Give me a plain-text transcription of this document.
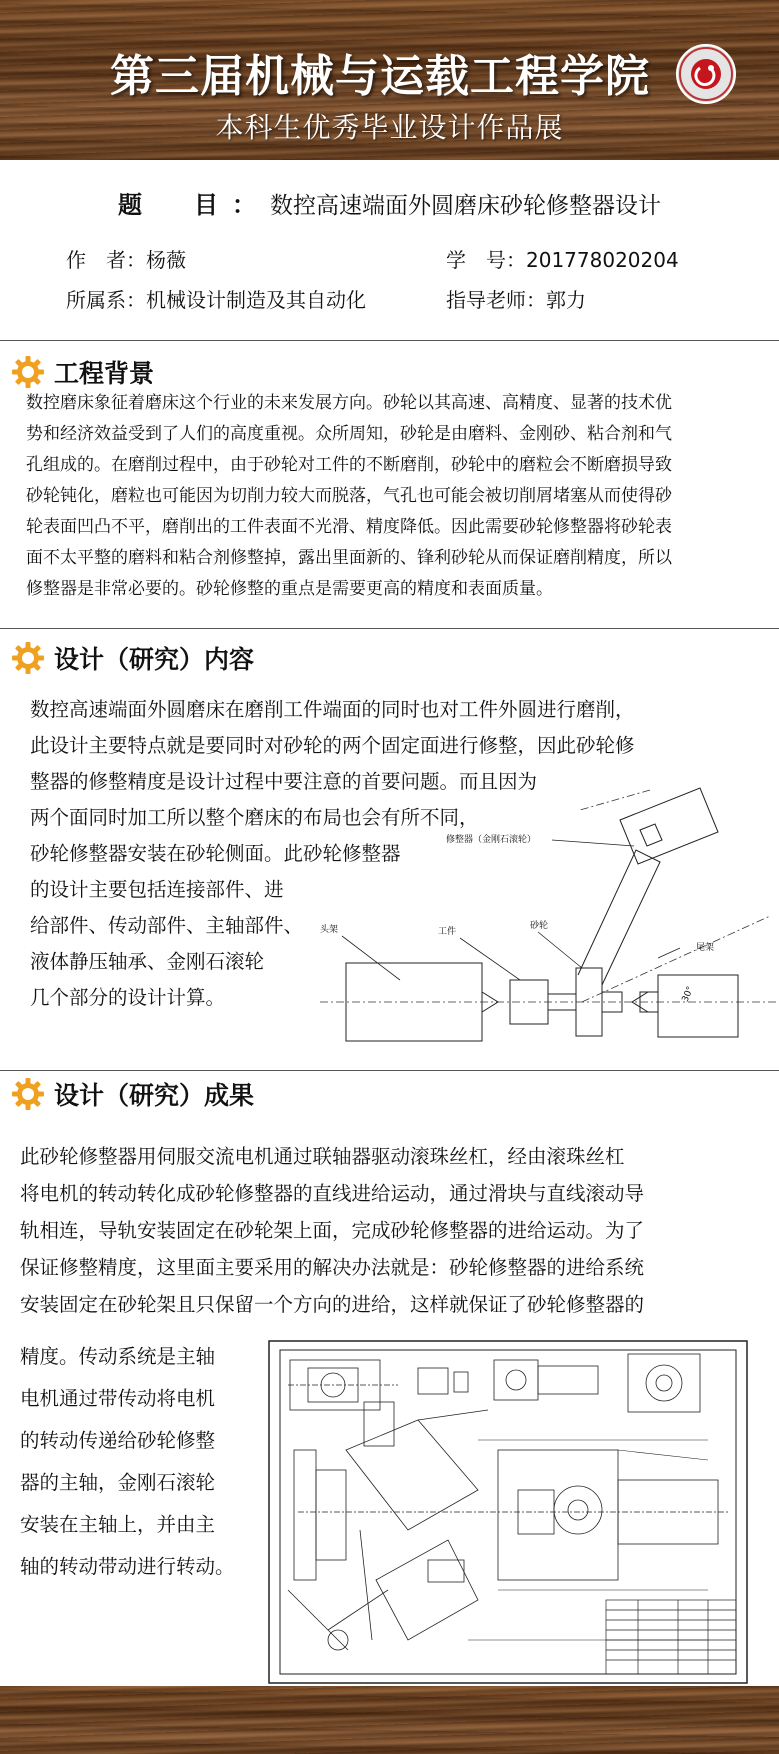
第三届机械与运载工程学院
本科生优秀毕业设计作品展
题　目：数控高速端面外圆磨床砂轮修整器设计
作　者：杨薇	学　号：201778020204
所属系：机械设计制造及其自动化	指导老师：郭力
工程背景
数控磨床象征着磨床这个行业的未来发展方向。砂轮以其高速、高精度、显著的技术优
势和经济效益受到了人们的高度重视。众所周知，砂轮是由磨料、金刚砂、粘合剂和气
孔组成的。在磨削过程中，由于砂轮对工件的不断磨削，砂轮中的磨粒会不断磨损导致
砂轮钝化，磨粒也可能因为切削力较大而脱落，气孔也可能会被切削屑堵塞从而使得砂
轮表面凹凸不平，磨削出的工件表面不光滑、精度降低。因此需要砂轮修整器将砂轮表
面不太平整的磨料和粘合剂修整掉，露出里面新的、锋利砂轮从而保证磨削精度，所以
修整器是非常必要的。砂轮修整的重点是需要更高的精度和表面质量。
设计（研究）内容
数控高速端面外圆磨床在磨削工件端面的同时也对工件外圆进行磨削，
此设计主要特点就是要同时对砂轮的两个固定面进行修整，因此砂轮修
整器的修整精度是设计过程中要注意的首要问题。而且因为
两个面同时加工所以整个磨床的布局也会有所不同，
砂轮修整器安装在砂轮侧面。此砂轮修整器
的设计主要包括连接部件、进
给部件、传动部件、主轴部件、
液体静压轴承、金刚石滚轮
几个部分的设计计算。
修整器（金刚石滚轮）
头架	工件
砂轮
尾架
30°
设计（研究）成果
此砂轮修整器用伺服交流电机通过联轴器驱动滚珠丝杠，经由滚珠丝杠
将电机的转动转化成砂轮修整器的直线进给运动，通过滑块与直线滚动导
轨相连，导轨安装固定在砂轮架上面，完成砂轮修整器的进给运动。为了
保证修整精度，这里面主要采用的解决办法就是：砂轮修整器的进给系统
安装固定在砂轮架且只保留一个方向的进给，这样就保证了砂轮修整器的
精度。传动系统是主轴
电机通过带传动将电机
的转动传递给砂轮修整
器的主轴，金刚石滚轮
安装在主轴上，并由主
轴的转动带动进行转动。
